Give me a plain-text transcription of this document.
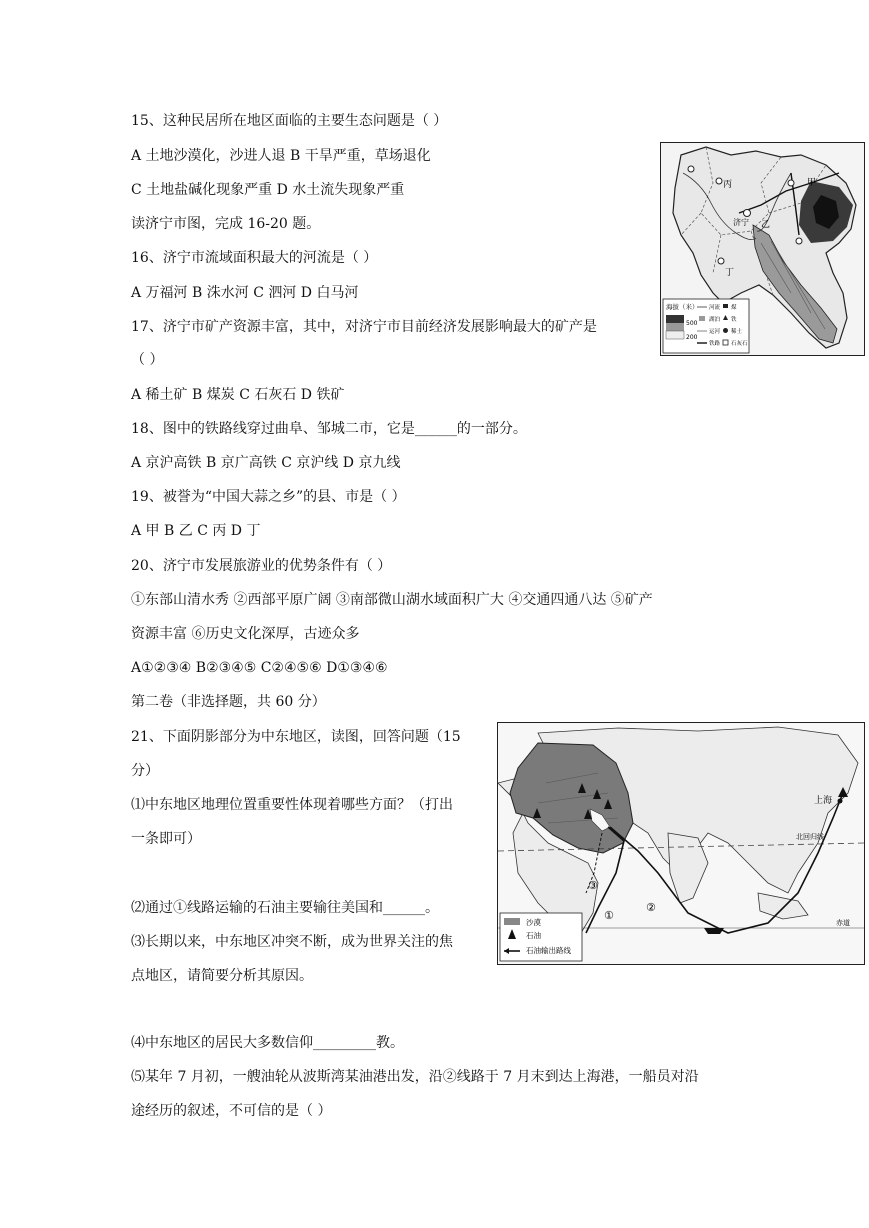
15、这种民居所在地区面临的主要生态问题是（ ）
A 土地沙漠化，沙进人退 B 干旱严重，草场退化
C 土地盐碱化现象严重 D 水土流失现象严重
读济宁市图，完成 16-20 题。
16、济宁市流域面积最大的河流是（ ）
A 万福河 B 洙水河 C 泗河 D 白马河
17、济宁市矿产资源丰富，其中，对济宁市目前经济发展影响最大的矿产是
（ ）
A 稀土矿 B 煤炭 C 石灰石 D 铁矿
18、图中的铁路线穿过曲阜、邹城二市，它是______的一部分。
A 京沪高铁 B 京广高铁 C 京沪线 D 京九线
19、被誉为“中国大蒜之乡”的县、市是（ ）
A 甲 B 乙 C 丙 D 丁
20、济宁市发展旅游业的优势条件有（ ）
①东部山清水秀 ②西部平原广阔 ③南部微山湖水域面积广大 ④交通四通八达 ⑤矿产
资源丰富 ⑥历史文化深厚，古迹众多
A①②③④ B②③④⑤ C②④⑤⑥ D①③④⑥
第二卷（非选择题，共 60 分）
21、下面阴影部分为中东地区，读图，回答问题（15
分）
⑴中东地区地理位置重要性体现着哪些方面？（打出
一条即可）
⑵通过①线路运输的石油主要输往美国和______。
⑶长期以来，中东地区冲突不断，成为世界关注的焦
点地区，请简要分析其原因。
⑷中东地区的居民大多数信仰_________教。
⑸某年 7 月初，一艘油轮从波斯湾某油港出发，沿②线路于 7 月末到达上海港，一船员对沿
途经历的叙述，不可信的是（ ）
丙	甲
乙
丁
济宁
海拔（米）
500
200
河流
湖泊
运河
铁路
煤
铁
稀土
石灰石
北回归线
赤道
①
②
③
上海
沙漠
石油
石油输出路线
